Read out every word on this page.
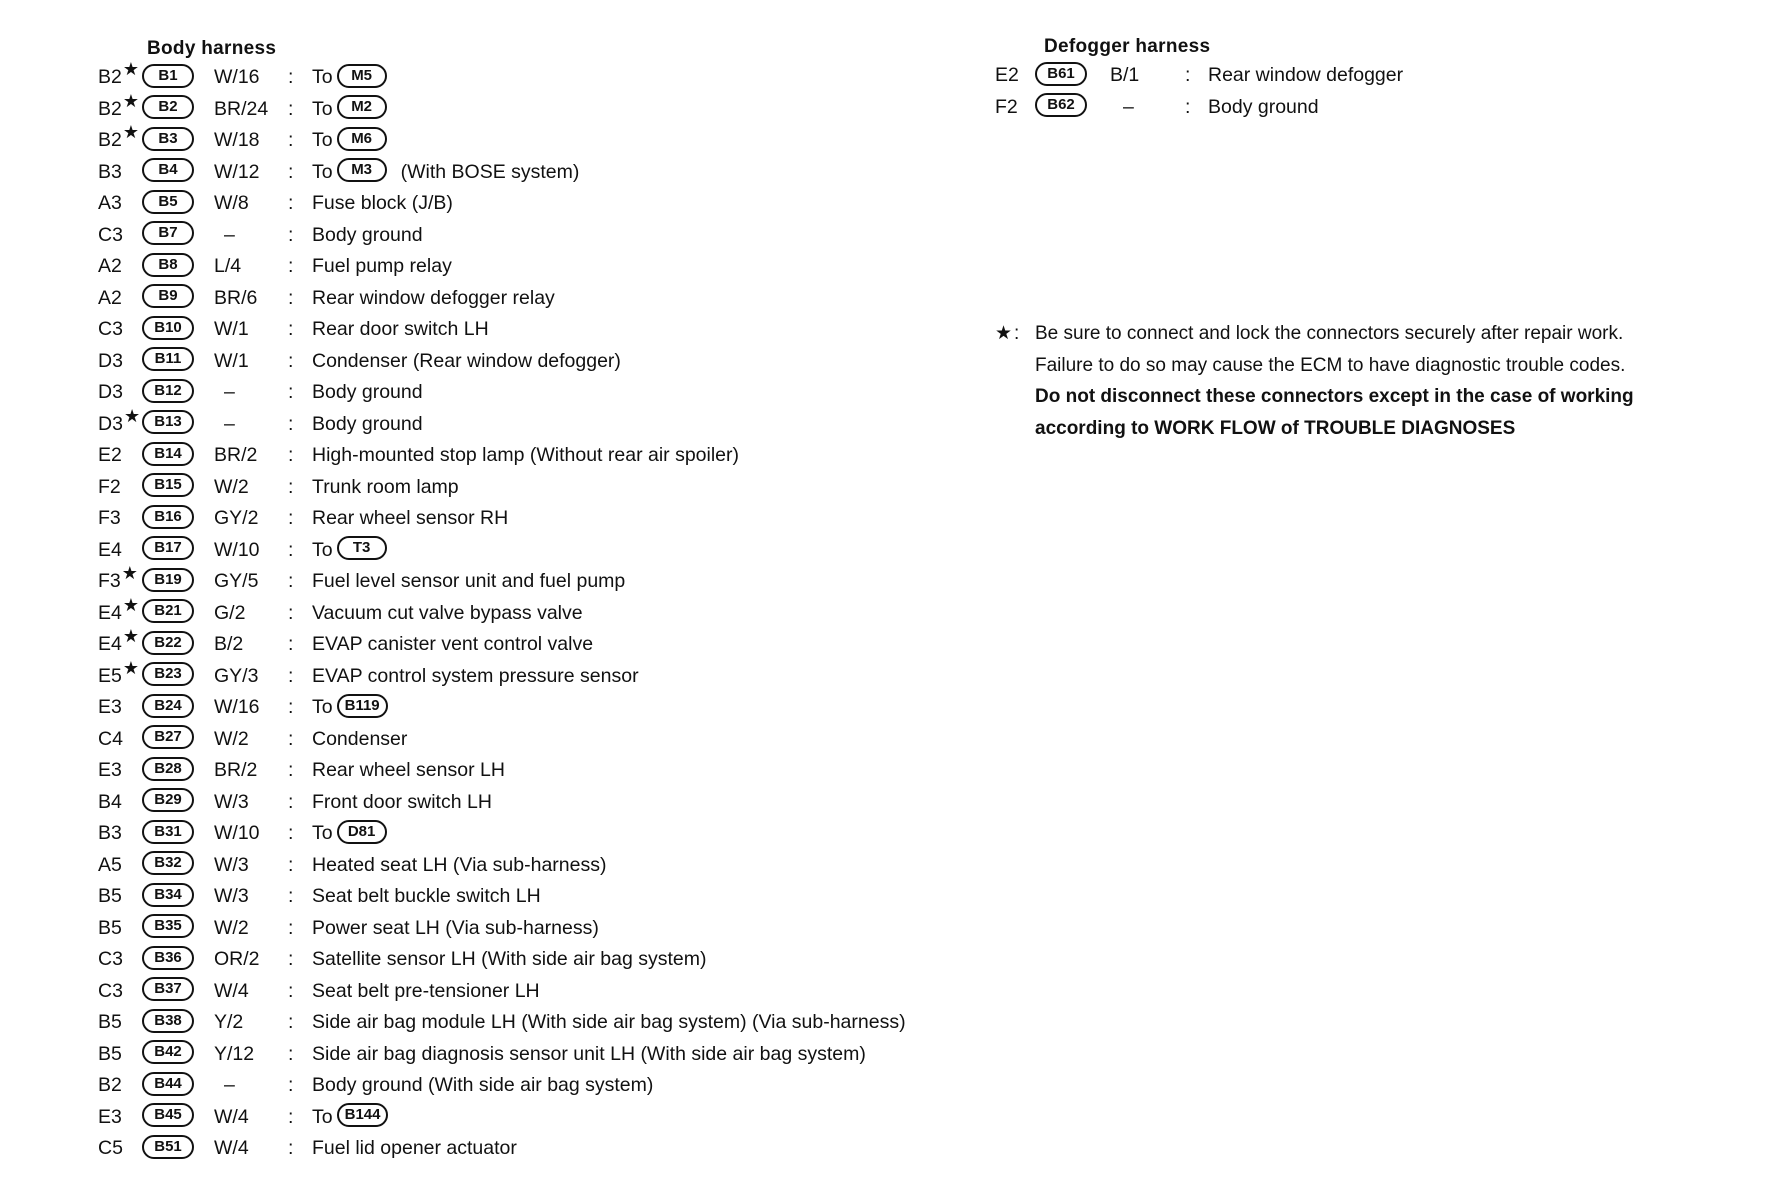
Body harness
B2★	B1	W/16 : To M5
B2★	B2	BR/24 : To M2
B2★	B3	W/18 : To M6
B3	B4	W/12 : To M3 (With BOSE system)
A3	B5	W/8 : Fuse block (J/B)
C3	B7	–	: Body ground
A2	B8	L/4 : Fuel pump relay
A2	B9	BR/6 : Rear window defogger relay
C3	B10	W/1 : Rear door switch LH
D3	B11	W/1 : Condenser (Rear window defogger)
D3	B12	–	: Body ground
D3★ B13	–	: Body ground
E2	B14	BR/2 : High-mounted stop lamp (Without rear air spoiler)
F2	B15	W/2 : Trunk room lamp
F3	B16	GY/2 : Rear wheel sensor RH
E4	B17	W/10 : To T3
F3★	B19	GY/5 : Fuel level sensor unit and fuel pump
E4★	B21	G/2 : Vacuum cut valve bypass valve
E4★	B22	B/2 : EVAP canister vent control valve
E5★	B23	GY/3 : EVAP control system pressure sensor
E3	B24	W/16 : To B119
C4	B27	W/2 : Condenser
E3	B28	BR/2 : Rear wheel sensor LH
B4	B29	W/3 : Front door switch LH
B3	B31	W/10 : To D81
A5	B32	W/3 : Heated seat LH (Via sub-harness)
B5	B34	W/3 : Seat belt buckle switch LH
B5	B35	W/2 : Power seat LH (Via sub-harness)
C3	B36	OR/2 : Satellite sensor LH (With side air bag system)
C3	B37	W/4 : Seat belt pre-tensioner LH
B5	B38	Y/2 : Side air bag module LH (With side air bag system) (Via sub-harness)
B5	B42	Y/12 : Side air bag diagnosis sensor unit LH (With side air bag system)
B2	B44	–	: Body ground (With side air bag system)
E3	B45	W/4 : To B144
C5	B51	W/4 : Fuel lid opener actuator
Defogger harness
E2	B61	B/1 : Rear window defogger
F2	B62	–	: Body ground
★ : Be sure to connect and lock the connectors securely after repair work.
Failure to do so may cause the ECM to have diagnostic trouble codes.
Do not disconnect these connectors except in the case of working
according to WORK FLOW of TROUBLE DIAGNOSES
